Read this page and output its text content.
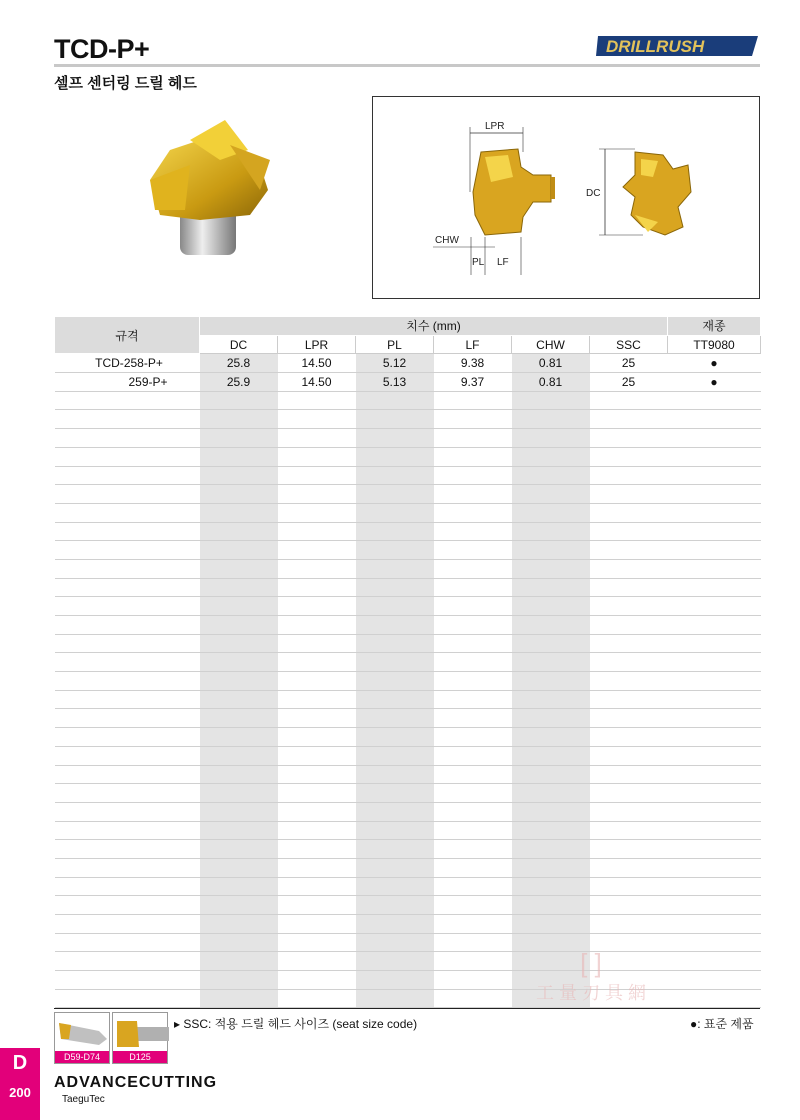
TCD-P+	DRILLRUSH
셀프 센터링 드릴 헤드
LPR
DC
CHW
PL LF
규격	치수 (mm)						재종
	DC	LPR	PL	LF	CHW	SSC	TT9080
TCD-258-P+	25.8	14.50	5.12	9.38	0.81	25	●
259-P+	25.9	14.50	5.13	9.37	0.81	25	●

[ ]
工 量 刃 具 網
D59-D74	D125
▸ SSC: 적용 드릴 헤드 사이즈 (seat size code)	●: 표준 제품
D
200
ADVANCECUTTING
TaeguTec
